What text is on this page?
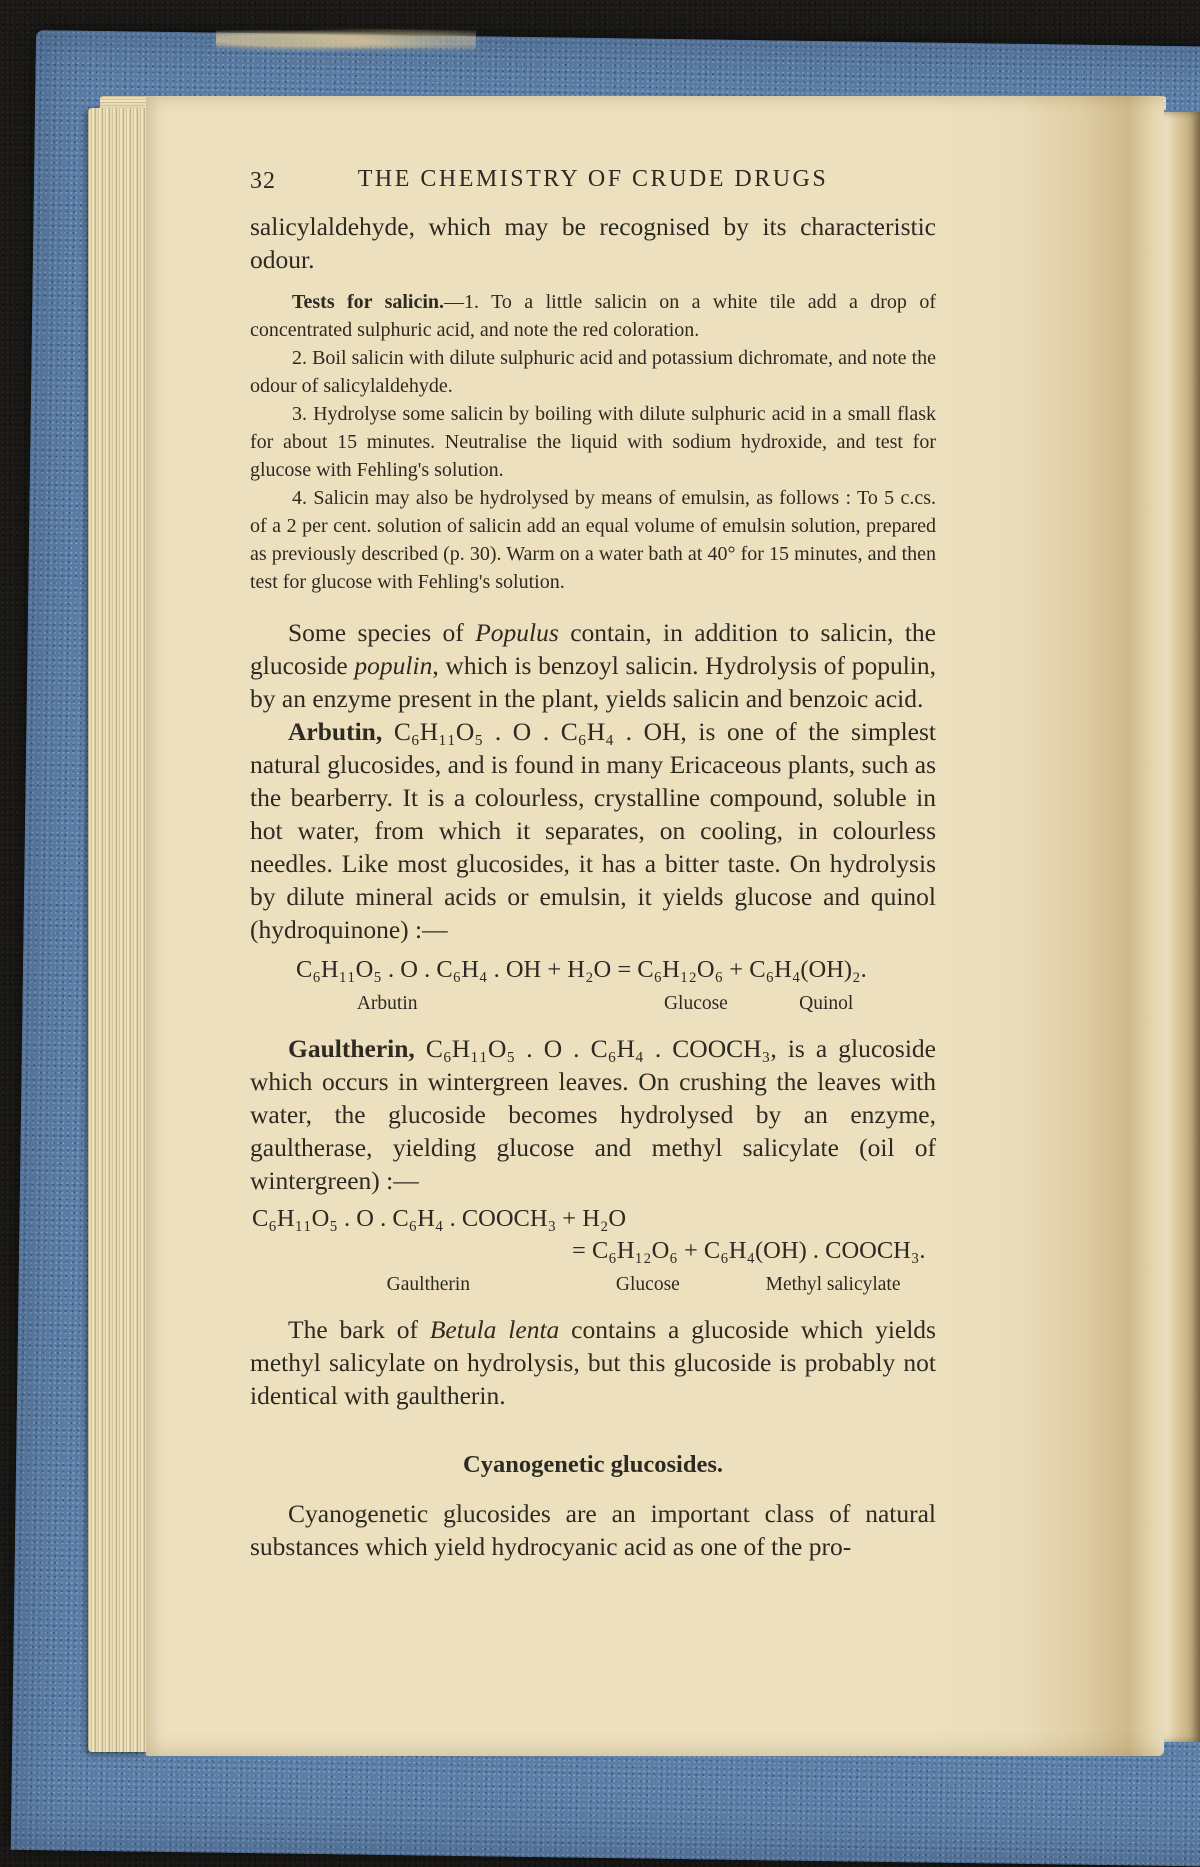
32	THE CHEMISTRY OF CRUDE DRUGS

salicylaldehyde, which may be recognised by its characteristic odour.

Tests for salicin.—1. To a little salicin on a white tile add a drop of concentrated sulphuric acid, and note the red coloration.

2. Boil salicin with dilute sulphuric acid and potassium dichromate, and note the odour of salicylaldehyde.

3. Hydrolyse some salicin by boiling with dilute sulphuric acid in a small flask for about 15 minutes. Neutralise the liquid with sodium hydroxide, and test for glucose with Fehling's solution.

4. Salicin may also be hydrolysed by means of emulsin, as follows : To 5 c.cs. of a 2 per cent. solution of salicin add an equal volume of emulsin solution, prepared as previously described (p. 30). Warm on a water bath at 40° for 15 minutes, and then test for glucose with Fehling's solution.

Some species of Populus contain, in addition to salicin, the glucoside populin, which is benzoyl salicin. Hydrolysis of populin, by an enzyme present in the plant, yields salicin and benzoic acid.

Arbutin, C₆H₁₁O₅ . O . C₆H₄ . OH, is one of the simplest natural glucosides, and is found in many Ericaceous plants, such as the bearberry. It is a colourless, crystalline compound, soluble in hot water, from which it separates, on cooling, in colourless needles. Like most glucosides, it has a bitter taste. On hydrolysis by dilute mineral acids or emulsin, it yields glucose and quinol (hydroquinone) :—

C₆H₁₁O₅ . O . C₆H₄ . OH + H₂O = C₆H₁₂O₆ + C₆H₄(OH)₂.

Arbutin	Glucose	Quinol

Gaultherin, C₆H₁₁O₅ . O . C₆H₄ . COOCH₃, is a glucoside which occurs in wintergreen leaves. On crushing the leaves with water, the glucoside becomes hydrolysed by an enzyme, gaultherase, yielding glucose and methyl salicylate (oil of wintergreen) :—

C₆H₁₁O₅ . O . C₆H₄ . COOCH₃ + H₂O

= C₆H₁₂O₆ + C₆H₄(OH) . COOCH₃.

Gaultherin	Glucose	Methyl salicylate

The bark of Betula lenta contains a glucoside which yields methyl salicylate on hydrolysis, but this glucoside is probably not identical with gaultherin.

Cyanogenetic glucosides.

Cyanogenetic glucosides are an important class of natural substances which yield hydrocyanic acid as one of the pro-
